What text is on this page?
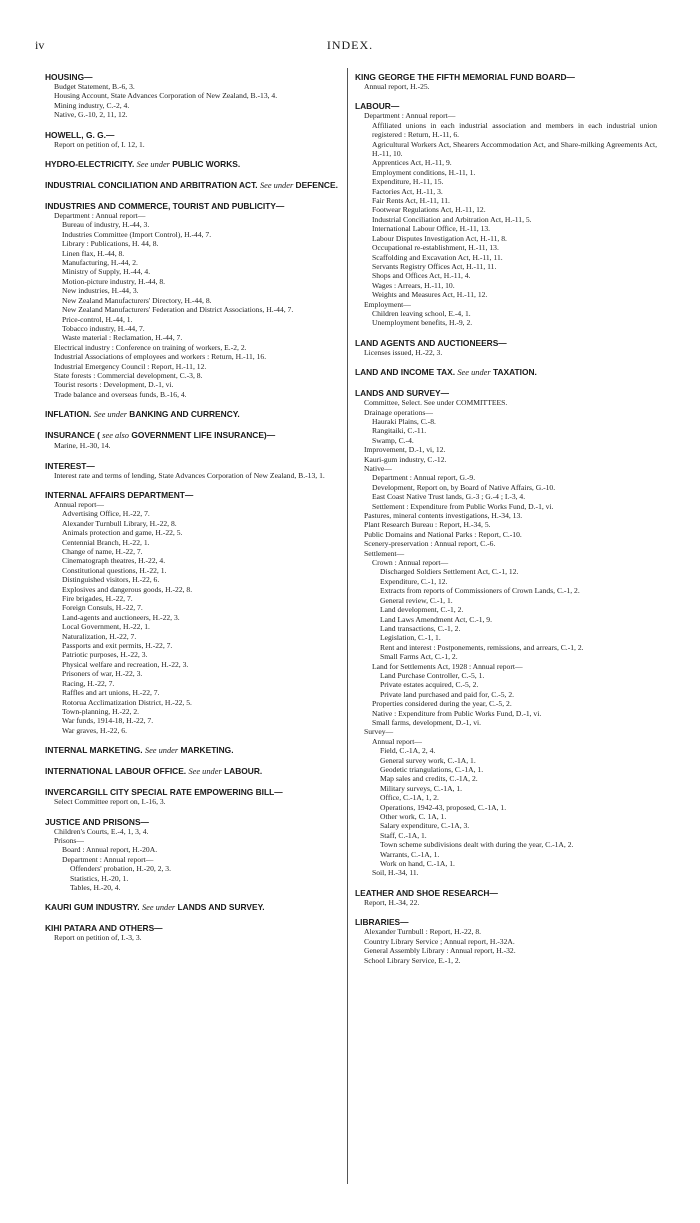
iv	INDEX.
HOUSING—
Budget Statement, B.-6, 3.
Housing Account, State Advances Corporation of New Zealand, B.-13, 4.
Mining industry, C.-2, 4.
Native, G.-10, 2, 11, 12.
HOWELL, G. G.—
Report on petition of, I. 12, 1.
HYDRO-ELECTRICITY. See under PUBLIC WORKS.
INDUSTRIAL CONCILIATION AND ARBITRATION ACT. See under DEFENCE.
INDUSTRIES AND COMMERCE, TOURIST AND PUBLICITY—
Department : Annual report—
Bureau of industry, H.-44, 3.
Industries Committee (Import Control), H.-44, 7.
Library : Publications, H. 44, 8.
Linen flax, H.-44, 8.
Manufacturing, H.-44, 2.
Ministry of Supply, H.-44, 4.
Motion-picture industry, H.-44, 8.
New industries, H.-44, 3.
New Zealand Manufacturers' Directory, H.-44, 8.
New Zealand Manufacturers' Federation and District Associations, H.-44, 7.
Price-control, H.-44, 1.
Tobacco industry, H.-44, 7.
Waste material : Reclamation, H.-44, 7.
Electrical industry : Conference on training of workers, E.-2, 2.
Industrial Associations of employees and workers : Return, H.-11, 16.
Industrial Emergency Council : Report, H.-11, 12.
State forests : Commercial development, C.-3, 8.
Tourist resorts : Development, D.-1, vi.
Trade balance and overseas funds, B.-16, 4.
INFLATION. See under BANKING AND CURRENCY.
INSURANCE ( see also GOVERNMENT LIFE INSURANCE)—
Marine, H.-30, 14.
INTEREST—
Interest rate and terms of lending, State Advances Corporation of New Zealand, B.-13, 1.
INTERNAL AFFAIRS DEPARTMENT—
Annual report—
Advertising Office, H.-22, 7.
Alexander Turnbull Library, H.-22, 8.
Animals protection and game, H.-22, 5.
Centennial Branch, H.-22, 1.
Change of name, H.-22, 7.
Cinematograph theatres, H.-22, 4.
Constitutional questions, H.-22, 1.
Distinguished visitors, H.-22, 6.
Explosives and dangerous goods, H.-22, 8.
Fire brigades, H.-22, 7.
Foreign Consuls, H.-22, 7.
Land-agents and auctioneers, H.-22, 3.
Local Government, H.-22, 1.
Naturalization, H.-22, 7.
Passports and exit permits, H.-22, 7.
Patriotic purposes, H.-22, 3.
Physical welfare and recreation, H.-22, 3.
Prisoners of war, H.-22, 3.
Racing, H.-22, 7.
Raffles and art unions, H.-22, 7.
Rotorua Acclimatization District, H.-22, 5.
Town-planning, H.-22, 2.
War funds, 1914-18, H.-22, 7.
War graves, H.-22, 6.
INTERNAL MARKETING. See under MARKETING.
INTERNATIONAL LABOUR OFFICE. See under LABOUR.
INVERCARGILL CITY SPECIAL RATE EMPOWERING BILL—
Select Committee report on, I.-16, 3.
JUSTICE AND PRISONS—
Children's Courts, E.-4, 1, 3, 4.
Prisons—
Board : Annual report, H.-20A.
Department : Annual report—
Offenders' probation, H.-20, 2, 3.
Statistics, H.-20, 1.
Tables, H.-20, 4.
KAURI GUM INDUSTRY. See under LANDS AND SURVEY.
KIHI PATARA AND OTHERS—
Report on petition of, I.-3, 3.
KING GEORGE THE FIFTH MEMORIAL FUND BOARD—
Annual report, H.-25.
LABOUR—
Department : Annual report—
Affiliated unions in each industrial association and members in each industrial union registered : Return, H.-11, 6.
Agricultural Workers Act, Shearers Accommodation Act, and Share-milking Agreements Act, H.-11, 10.
Apprentices Act, H.-11, 9.
Employment conditions, H.-11, 1.
Expenditure, H.-11, 15.
Factories Act, H.-11, 3.
Fair Rents Act, H.-11, 11.
Footwear Regulations Act, H.-11, 12.
Industrial Conciliation and Arbitration Act, H.-11, 5.
International Labour Office, H.-11, 13.
Labour Disputes Investigation Act, H.-11, 8.
Occupational re-establishment, H.-11, 13.
Scaffolding and Excavation Act, H.-11, 11.
Servants Registry Offices Act, H.-11, 11.
Shops and Offices Act, H.-11, 4.
Wages : Arrears, H.-11, 10.
Weights and Measures Act, H.-11, 12.
Employment—
Children leaving school, E.-4, 1.
Unemployment benefits, H.-9, 2.
LAND AGENTS AND AUCTIONEERS—
Licenses issued, H.-22, 3.
LAND AND INCOME TAX. See under TAXATION.
LANDS AND SURVEY—
Committee, Select. See under COMMITTEES.
Drainage operations—
Hauraki Plains, C.-8.
Rangitaiki, C.-11.
Swamp, C.-4.
Improvement, D.-1, vi, 12.
Kauri-gum industry, C.-12.
Native—
Department : Annual report, G.-9.
Development, Report on, by Board of Native Affairs, G.-10.
East Coast Native Trust lands, G.-3 ; G.-4 ; I.-3, 4.
Settlement : Expenditure from Public Works Fund, D.-1, vi.
Pastures, mineral contents investigations, H.-34, 13.
Plant Research Bureau : Report, H.-34, 5.
Public Domains and National Parks : Report, C.-10.
Scenery-preservation : Annual report, C.-6.
Settlement—
Crown : Annual report—
Discharged Soldiers Settlement Act, C.-1, 12.
Expenditure, C.-1, 12.
Extracts from reports of Commissioners of Crown Lands, C.-1, 2.
General review, C.-1, 1.
Land development, C.-1, 2.
Land Laws Amendment Act, C.-1, 9.
Land transactions, C.-1, 2.
Legislation, C.-1, 1.
Rent and interest : Postponements, remissions, and arrears, C.-1, 2.
Small Farms Act, C.-1, 2.
Land for Settlements Act, 1928 : Annual report—
Land Purchase Controller, C.-5, 1.
Private estates acquired, C.-5, 2.
Private land purchased and paid for, C.-5, 2.
Properties considered during the year, C.-5, 2.
Native : Expenditure from Public Works Fund, D.-1, vi.
Small farms, development, D.-1, vi.
Survey—
Annual report—
Field, C.-1A, 2, 4.
General survey work, C.-1A, 1.
Geodetic triangulations, C.-1A, 1.
Map sales and credits, C.-1A, 2.
Military surveys, C.-1A, 1.
Office, C.-1A, 1, 2.
Operations, 1942-43, proposed, C.-1A, 1.
Other work, C. 1A, 1.
Salary expenditure, C.-1A, 3.
Staff, C.-1A, 1.
Town scheme subdivisions dealt with during the year, C.-1A, 2.
Warrants, C.-1A, 1.
Work on hand, C.-1A, 1.
Soil, H.-34, 11.
LEATHER AND SHOE RESEARCH—
Report, H.-34, 22.
LIBRARIES—
Alexander Turnbull : Report, H.-22, 8.
Country Library Service ; Annual report, H.-32A.
General Assembly Library : Annual report, H.-32.
School Library Service, E.-1, 2.
